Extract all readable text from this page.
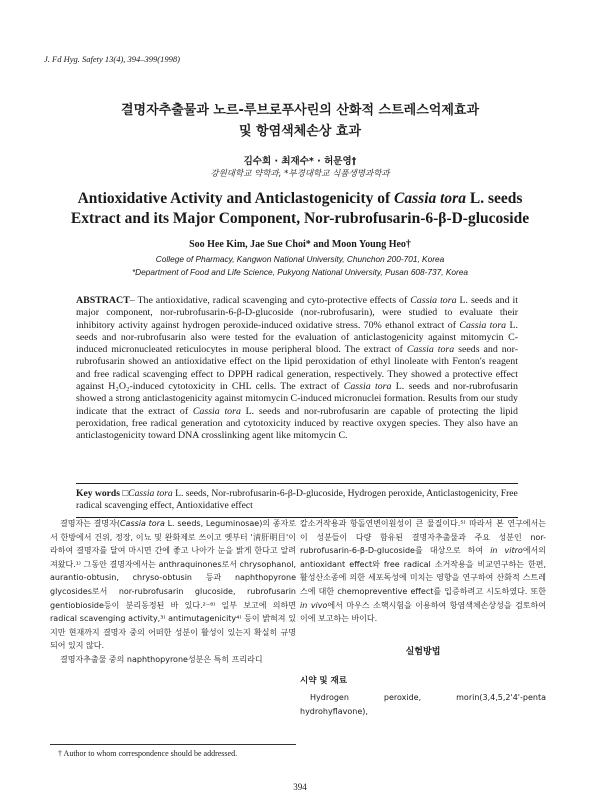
J. Fd Hyg. Safety 13(4), 394–399(1998)
결명자추출물과 노르-루브로푸사린의 산화적 스트레스억제효과
및 항염색체손상 효과
김수희 · 최재수* · 허문영†
강원대학교 약학과, *부경대학교 식품생명과학과
Antioxidative Activity and Anticlastogenicity of Cassia tora L. seeds
Extract and its Major Component, Nor-rubrofusarin-6-β-D-glucoside
Soo Hee Kim, Jae Sue Choi* and Moon Young Heo†
College of Pharmacy, Kangwon National University, Chunchon 200-701, Korea
*Department of Food and Life Science, Pukyong National University, Pusan 608-737, Korea

ABSTRACT– The antioxidative, radical scavenging and cyto-protective effects of Cassia tora L. seeds and it major component, nor-rubrofusarin-6-β-D-glucoside (nor-rubrofusarin), were studied to evaluate their inhibitory activity against hydrogen peroxide-induced oxidative stress. 70% ethanol extract of Cassia tora L. seeds and nor-rubrofusarin also were tested for the evaluation of anticlastogenicity against mitomycin C-induced micronucleated reticulocytes in mouse peripheral blood. The extract of Cassia tora seeds and nor-rubrofusarin showed an antioxidative effect on the lipid peroxidation of ethyl linoleate with Fenton's reagent and free radical scavenging effect to DPPH radical generation, respectively. They showed a protective effect against H₂O₂-induced cytotoxicity in CHL cells. The extract of Cassia tora L. seeds and nor-rubrofusarin showed a strong anticlastogenicity against mitomycin C-induced micronuclei formation. Results from our study indicate that the extract of Cassia tora L. seeds and nor-rubrofusarin are capable of protecting the lipid peroxidation, free radical generation and cytotoxicity induced by reactive oxygen species. They also have an anticlastogenicity toward DNA crosslinking agent like mitomycin C.

Key words □Cassia tora L. seeds, Nor-rubrofusarin-6-β-D-glucoside, Hydrogen peroxide, Anticlastogenicity, Free radical scavenging effect, Antioxidative effect

결명자는 결명자(Cassia tora L. seeds, Leguminosae)의 종자로서 한방에서 건위, 정장, 이뇨 및 완화제로 쓰이고 옛부터 '淸肝明目'이라하여 결명자를 달여 마시면 간에 좋고 나아가 눈을 밝게 한다고 알려져왔다.¹⁾ 그동안 결명자에서는 anthraquinones로서 chrysophanol, aurantio-obtusin, chryso-obtusin 등과 naphthopyrone glycosides로서 nor-rubrofusarin glucoside, rubrofusarin gentiobioside등이 분리동정된 바 있다.²⁻⁶⁾ 일부 보고에 의하면 radical scavenging activity,³⁾ antimutagenicity⁴⁾ 등이 밝혀져 있지만 현재까지 결명자 중의 어떠한 성분이 활성이 있는지 확실히 규명되어 있지 않다.

결명자추출물 중의 naphthopyrone성분은 특히 프리라디

칼소거작용과 항돌연변이원성이 큰 물질이다.⁵⁾ 따라서 본 연구에서는 이 성분들이 다량 함유된 결명자추출물과 주요 성분인 nor-rubrofusarin-6-β-D-glucoside를 대상으로 하여 in vitro에서의 antioxidant effect와 free radical 소거작용을 비교연구하는 한편, 활성산소종에 의한 세포독성에 미치는 영향을 연구하여 산화적 스트레스에 대한 chemopreventive effect를 입증하려고 시도하였다. 또한 in vivo에서 마우스 소핵시험을 이용하여 항염색체손상성을 검토하여 이에 보고하는 바이다.

실험방법
시약 및 재료

Hydrogen peroxide, morin(3,4,5,2'4'-penta hydrohyflavone),

† Author to whom correspondence should be addressed.
394
